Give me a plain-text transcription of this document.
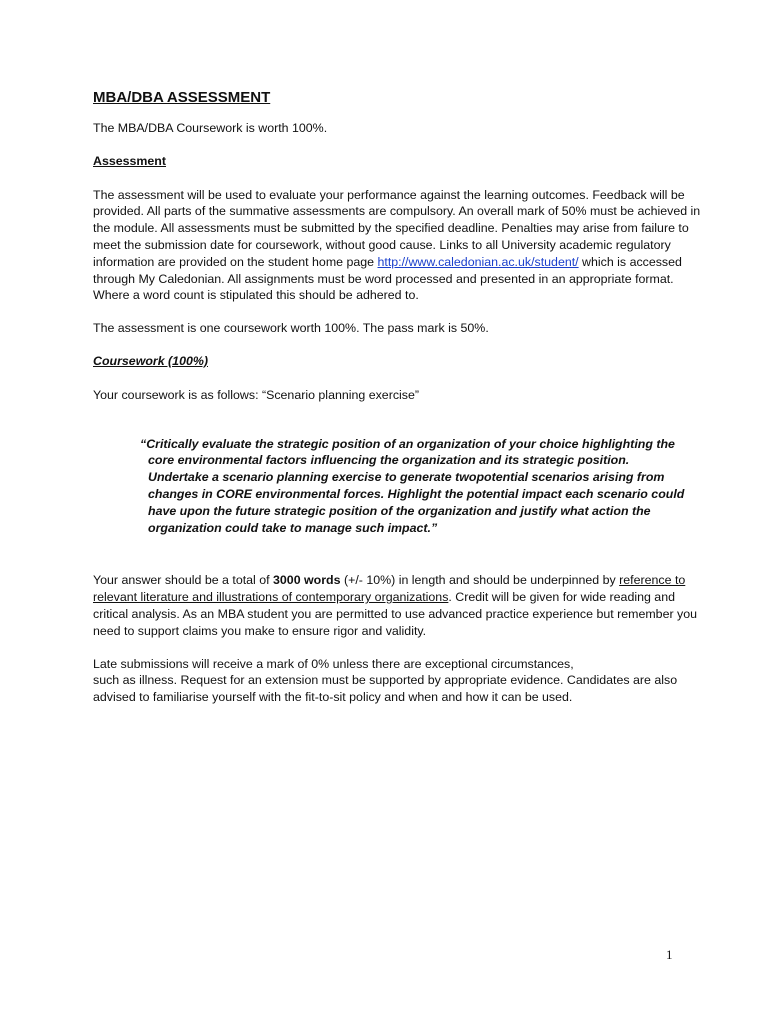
MBA/DBA ASSESSMENT

The MBA/DBA Coursework is worth 100%.

Assessment

The assessment will be used to evaluate your performance against the learning outcomes. Feedback will be provided. All parts of the summative assessments are compulsory. An overall mark of 50% must be achieved in the module. All assessments must be submitted by the specified deadline. Penalties may arise from failure to meet the submission date for coursework, without good cause. Links to all University academic regulatory information are provided on the student home page http://www.caledonian.ac.uk/student/ which is accessed through My Caledonian. All assignments must be word processed and presented in an appropriate format. Where a word count is stipulated this should be adhered to.

The assessment is one coursework worth 100%. The pass mark is 50%.

Coursework (100%)

Your coursework is as follows: “Scenario planning exercise”

“Critically evaluate the strategic position of an organization of your choice highlighting the core environmental factors influencing the organization and its strategic position. Undertake a scenario planning exercise to generate twopotential scenarios arising from changes in CORE environmental forces. Highlight the potential impact each scenario could have upon the future strategic position of the organization and justify what action the organization could take to manage such impact.”

Your answer should be a total of 3000 words (+/- 10%) in length and should be underpinned by reference to relevant literature and illustrations of contemporary organizations. Credit will be given for wide reading and critical analysis. As an MBA student you are permitted to use advanced practice experience but remember you need to support claims you make to ensure rigor and validity.

Late submissions will receive a mark of 0% unless there are exceptional circumstances,

such as illness. Request for an extension must be supported by appropriate evidence. Candidates are also advised to familiarise yourself with the fit-to-sit policy and when and how it can be used.

1
